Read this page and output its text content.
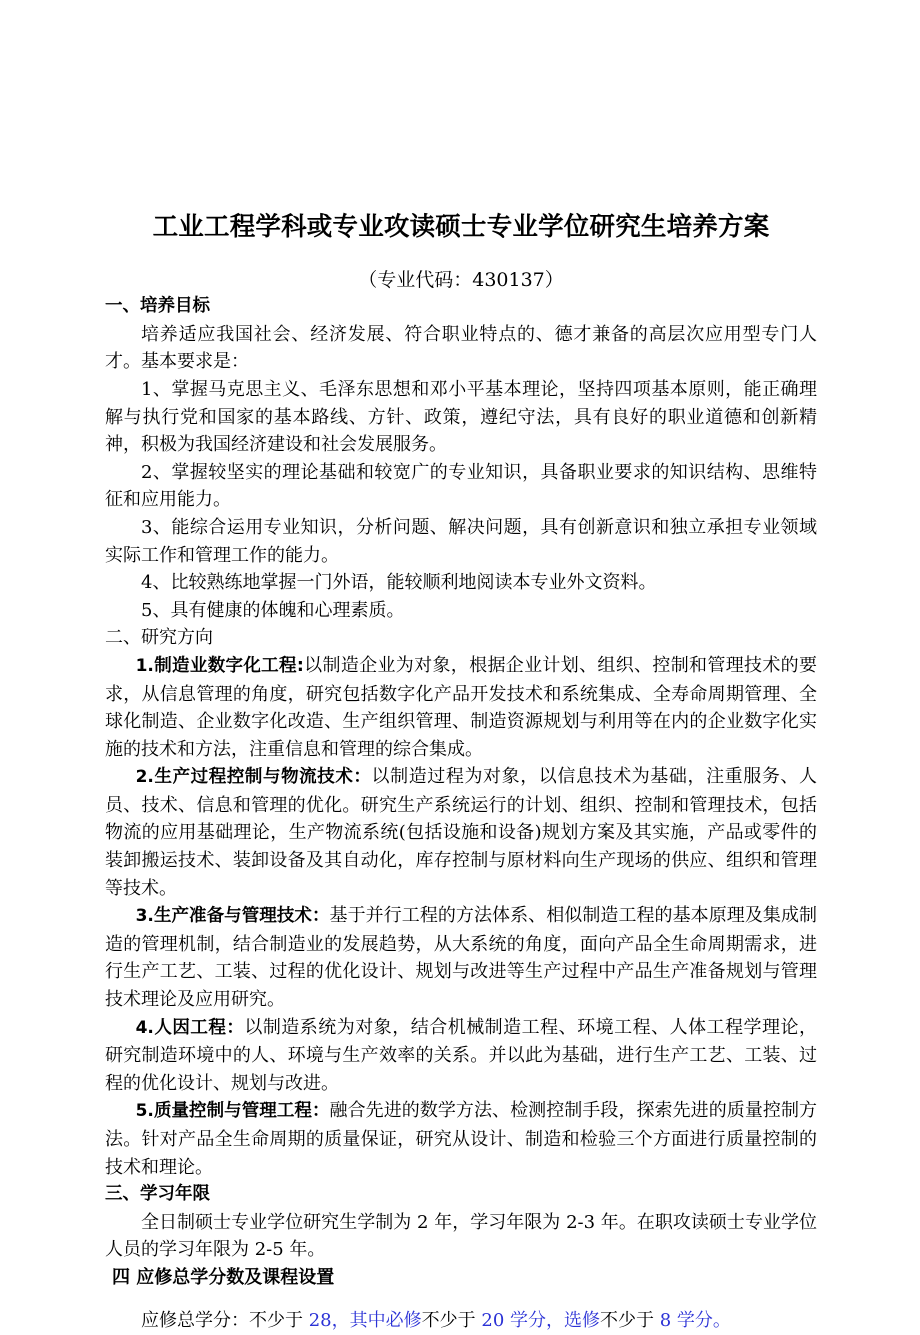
工业工程学科或专业攻读硕士专业学位研究生培养方案
（专业代码：430137）
一、培养目标

培养适应我国社会、经济发展、符合职业特点的、德才兼备的高层次应用型专门人才。基本要求是：

1、掌握马克思主义、毛泽东思想和邓小平基本理论，坚持四项基本原则，能正确理解与执行党和国家的基本路线、方针、政策，遵纪守法，具有良好的职业道德和创新精神，积极为我国经济建设和社会发展服务。

2、掌握较坚实的理论基础和较宽广的专业知识，具备职业要求的知识结构、思维特征和应用能力。

3、能综合运用专业知识，分析问题、解决问题，具有创新意识和独立承担专业领域实际工作和管理工作的能力。

4、比较熟练地掌握一门外语，能较顺利地阅读本专业外文资料。

5、具有健康的体魄和心理素质。

二、研究方向

1.制造业数字化工程:以制造企业为对象，根据企业计划、组织、控制和管理技术的要求，从信息管理的角度，研究包括数字化产品开发技术和系统集成、全寿命周期管理、全球化制造、企业数字化改造、生产组织管理、制造资源规划与利用等在内的企业数字化实施的技术和方法，注重信息和管理的综合集成。

2.生产过程控制与物流技术：以制造过程为对象，以信息技术为基础，注重服务、人员、技术、信息和管理的优化。研究生产系统运行的计划、组织、控制和管理技术，包括物流的应用基础理论，生产物流系统(包括设施和设备)规划方案及其实施，产品或零件的装卸搬运技术、装卸设备及其自动化，库存控制与原材料向生产现场的供应、组织和管理等技术。

3.生产准备与管理技术：基于并行工程的方法体系、相似制造工程的基本原理及集成制造的管理机制，结合制造业的发展趋势，从大系统的角度，面向产品全生命周期需求，进行生产工艺、工装、过程的优化设计、规划与改进等生产过程中产品生产准备规划与管理技术理论及应用研究。

4.人因工程：以制造系统为对象，结合机械制造工程、环境工程、人体工程学理论，研究制造环境中的人、环境与生产效率的关系。并以此为基础，进行生产工艺、工装、过程的优化设计、规划与改进。

5.质量控制与管理工程：融合先进的数学方法、检测控制手段，探索先进的质量控制方法。针对产品全生命周期的质量保证，研究从设计、制造和检验三个方面进行质量控制的技术和理论。

三、学习年限

全日制硕士专业学位研究生学制为 2 年，学习年限为 2-3 年。在职攻读硕士专业学位人员的学习年限为 2-5 年。

四 应修总学分数及课程设置

应修总学分：不少于 28，其中必修不少于 20 学分，选修不少于 8 学分。
